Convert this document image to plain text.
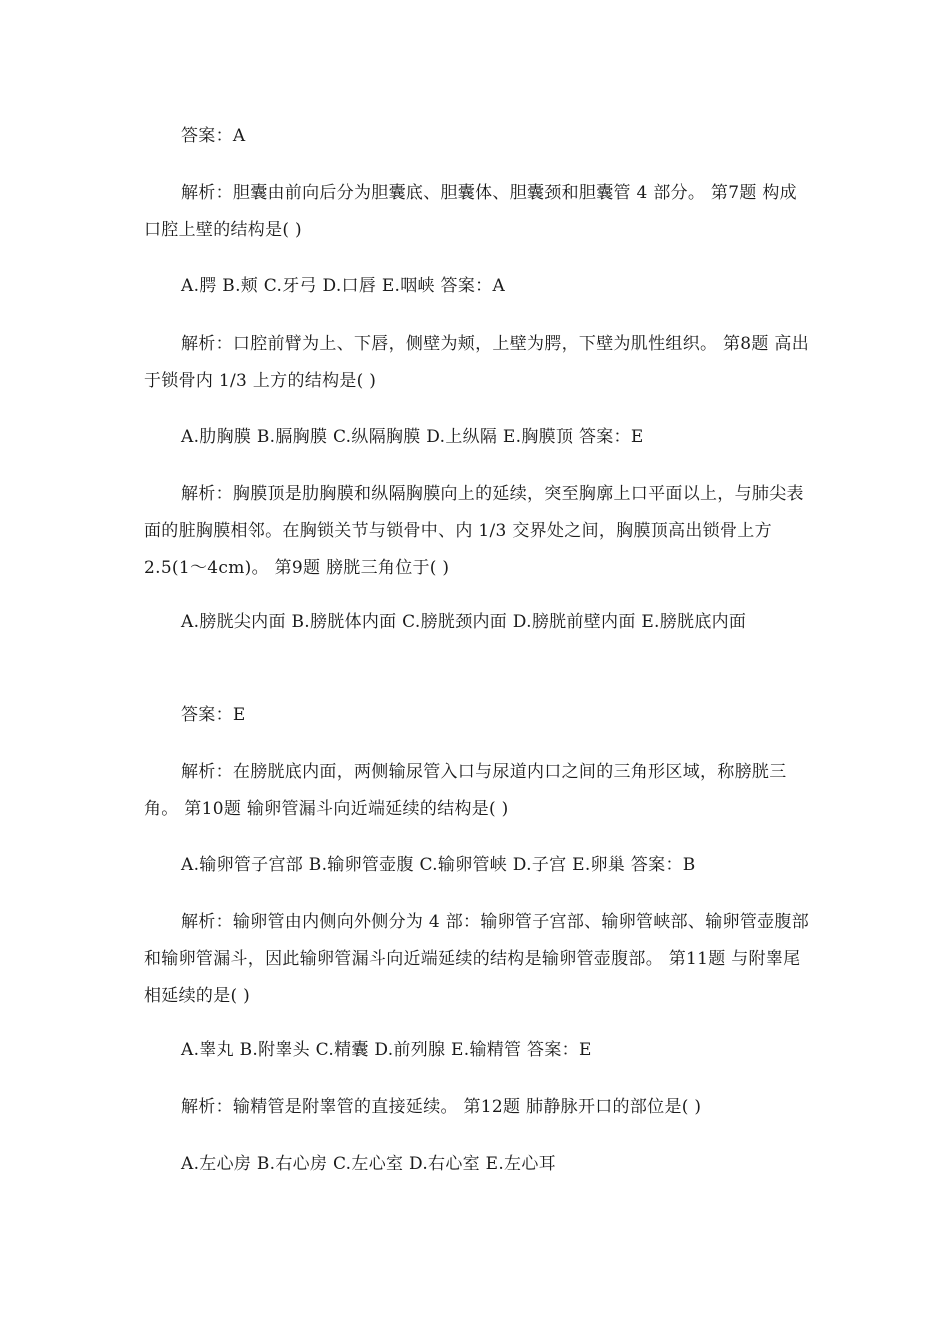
答案：A

解析：胆囊由前向后分为胆囊底、胆囊体、胆囊颈和胆囊管 4 部分。 第7题 构成口腔上壁的结构是( )

A.腭 B.颊 C.牙弓 D.口唇 E.咽峡 答案：A

解析：口腔前臂为上、下唇，侧壁为颊，上壁为腭，下壁为肌性组织。 第8题 高出于锁骨内 1/3 上方的结构是( )

A.肋胸膜 B.膈胸膜 C.纵隔胸膜 D.上纵隔 E.胸膜顶 答案：E

解析：胸膜顶是肋胸膜和纵隔胸膜向上的延续，突至胸廓上口平面以上，与肺尖表面的脏胸膜相邻。在胸锁关节与锁骨中、内 1/3 交界处之间，胸膜顶高出锁骨上方 2.5(1～4cm)。 第9题 膀胱三角位于( )

A.膀胱尖内面 B.膀胱体内面 C.膀胱颈内面 D.膀胱前壁内面 E.膀胱底内面

答案：E

解析：在膀胱底内面，两侧输尿管入口与尿道内口之间的三角形区域，称膀胱三角。 第10题 输卵管漏斗向近端延续的结构是( )

A.输卵管子宫部 B.输卵管壶腹 C.输卵管峡 D.子宫 E.卵巢 答案：B

解析：输卵管由内侧向外侧分为 4 部：输卵管子宫部、输卵管峡部、输卵管壶腹部和输卵管漏斗，因此输卵管漏斗向近端延续的结构是输卵管壶腹部。 第11题 与附睾尾相延续的是( )

A.睾丸 B.附睾头 C.精囊 D.前列腺 E.输精管 答案：E

解析：输精管是附睾管的直接延续。 第12题 肺静脉开口的部位是( )

A.左心房 B.右心房 C.左心室 D.右心室 E.左心耳
